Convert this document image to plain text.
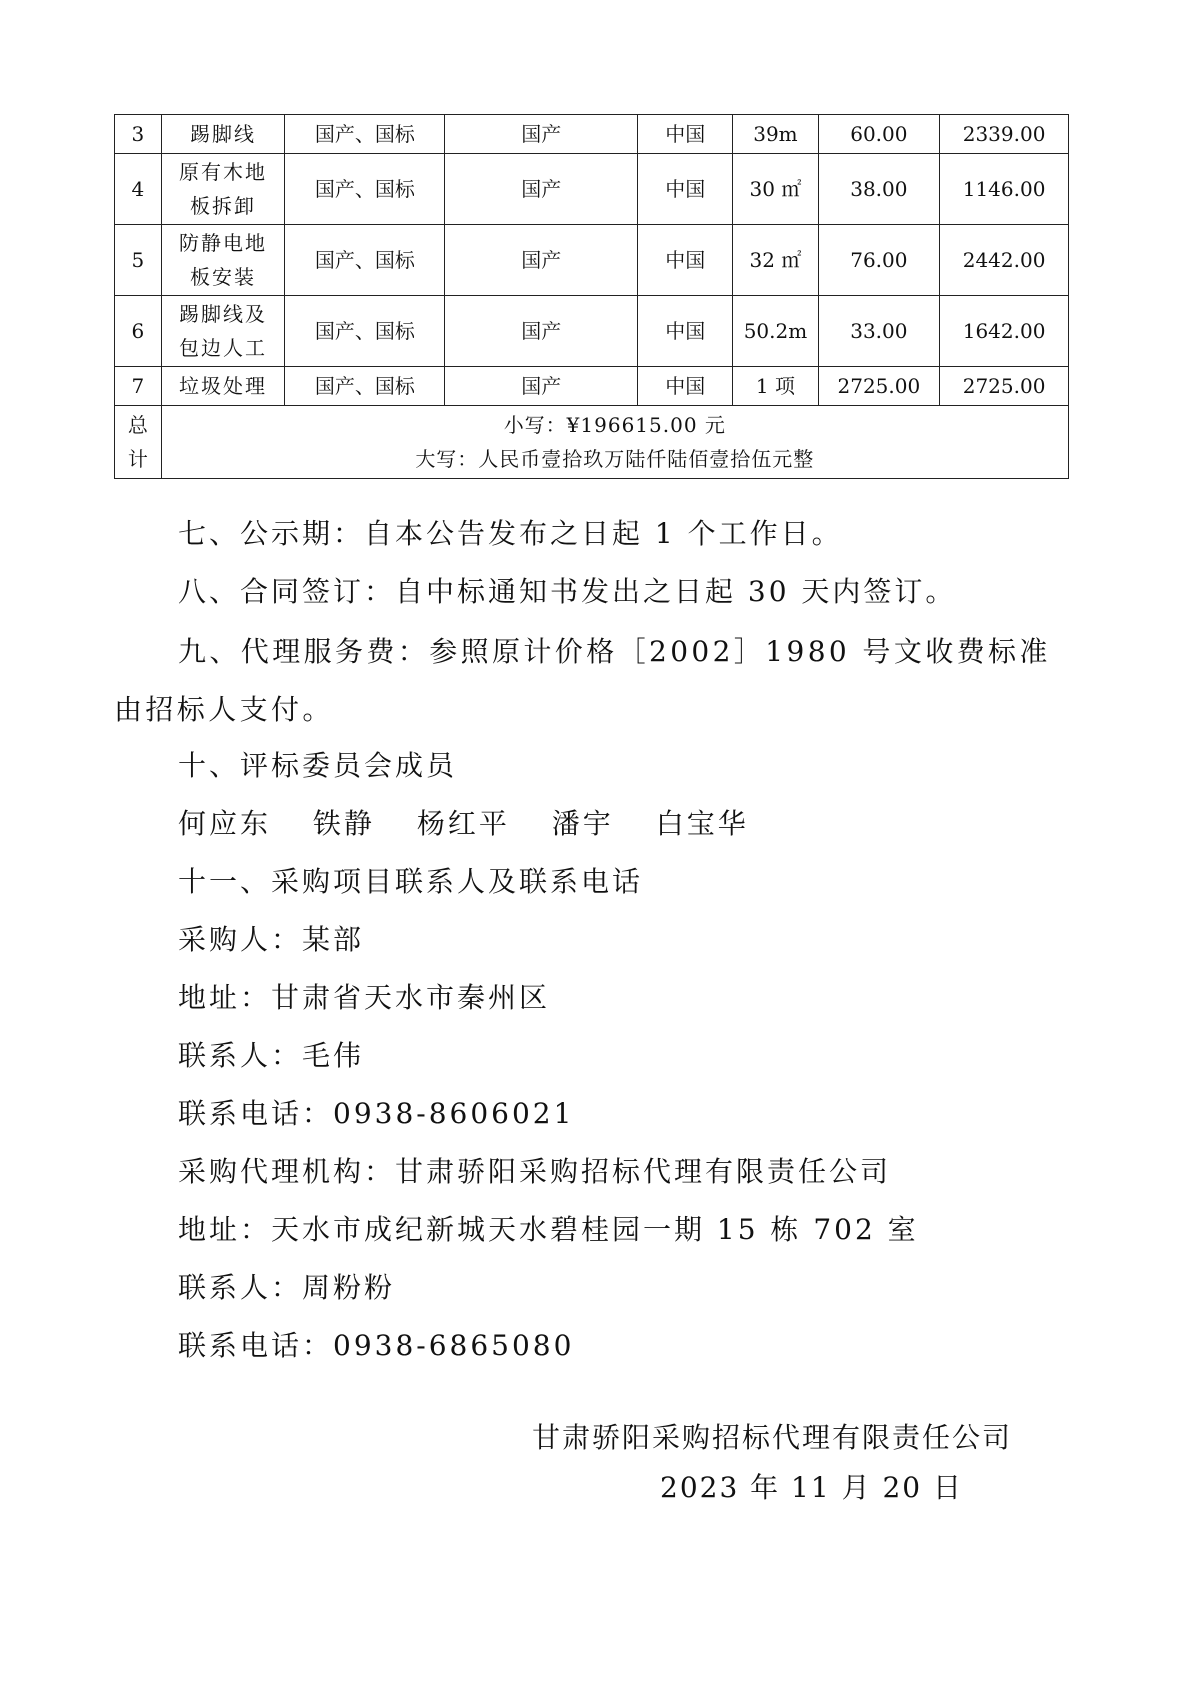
3	踢脚线	国产、国标	国产	中国	39m	60.00	2339.00
4	原有木地板拆卸	国产、国标	国产	中国	30 ㎡	38.00	1146.00
5	防静电地板安装	国产、国标	国产	中国	32 ㎡	76.00	2442.00
6	踢脚线及包边人工	国产、国标	国产	中国	50.2m	33.00	1642.00
7	垃圾处理	国产、国标	国产	中国	1 项	2725.00	2725.00
总计	小写：¥196615.00 元
大写：人民币壹拾玖万陆仟陆佰壹拾伍元整						
七、公示期：自本公告发布之日起 1 个工作日。
八、合同签订：自中标通知书发出之日起 30 天内签订。

九、代理服务费：参照原计价格［2002］1980 号文收费标准由招标人支付。

十、评标委员会成员
何应东 铁静 杨红平 潘宇 白宝华
十一、采购项目联系人及联系电话
采购人：某部
地址：甘肃省天水市秦州区
联系人：毛伟
联系电话：0938-8606021
采购代理机构：甘肃骄阳采购招标代理有限责任公司
地址：天水市成纪新城天水碧桂园一期 15 栋 702 室
联系人：周粉粉
联系电话：0938-6865080
甘肃骄阳采购招标代理有限责任公司
2023 年 11 月 20 日
